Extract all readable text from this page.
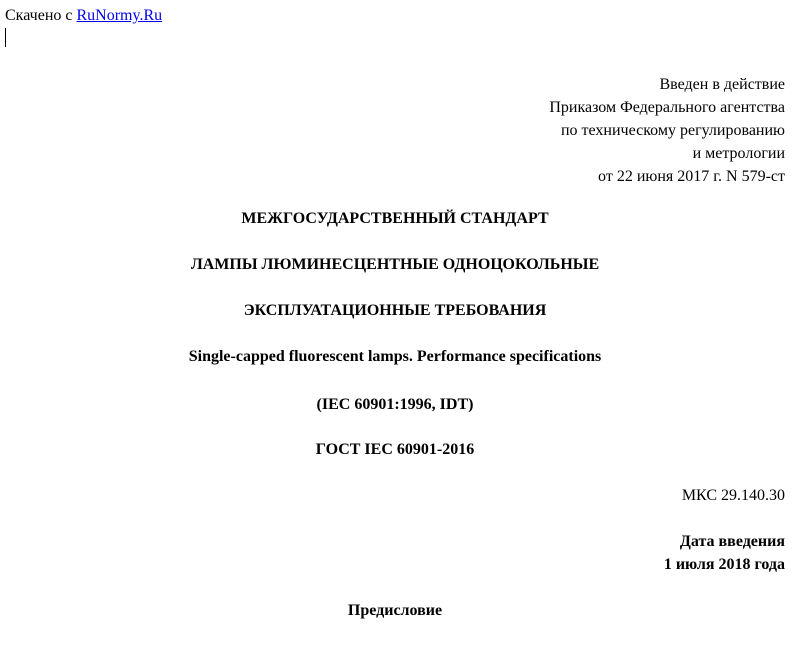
Скачено с RuNormy.Ru
Введен в действие
Приказом Федерального агентства
по техническому регулированию
и метрологии
от 22 июня 2017 г. N 579-ст
МЕЖГОСУДАРСТВЕННЫЙ СТАНДАРТ
ЛАМПЫ ЛЮМИНЕСЦЕНТНЫЕ ОДНОЦОКОЛЬНЫЕ
ЭКСПЛУАТАЦИОННЫЕ ТРЕБОВАНИЯ
Single-capped fluorescent lamps. Performance specifications
(IEC 60901:1996, IDT)
ГОСТ IEC 60901-2016
МКС 29.140.30
Дата введения
1 июля 2018 года
Предисловие
